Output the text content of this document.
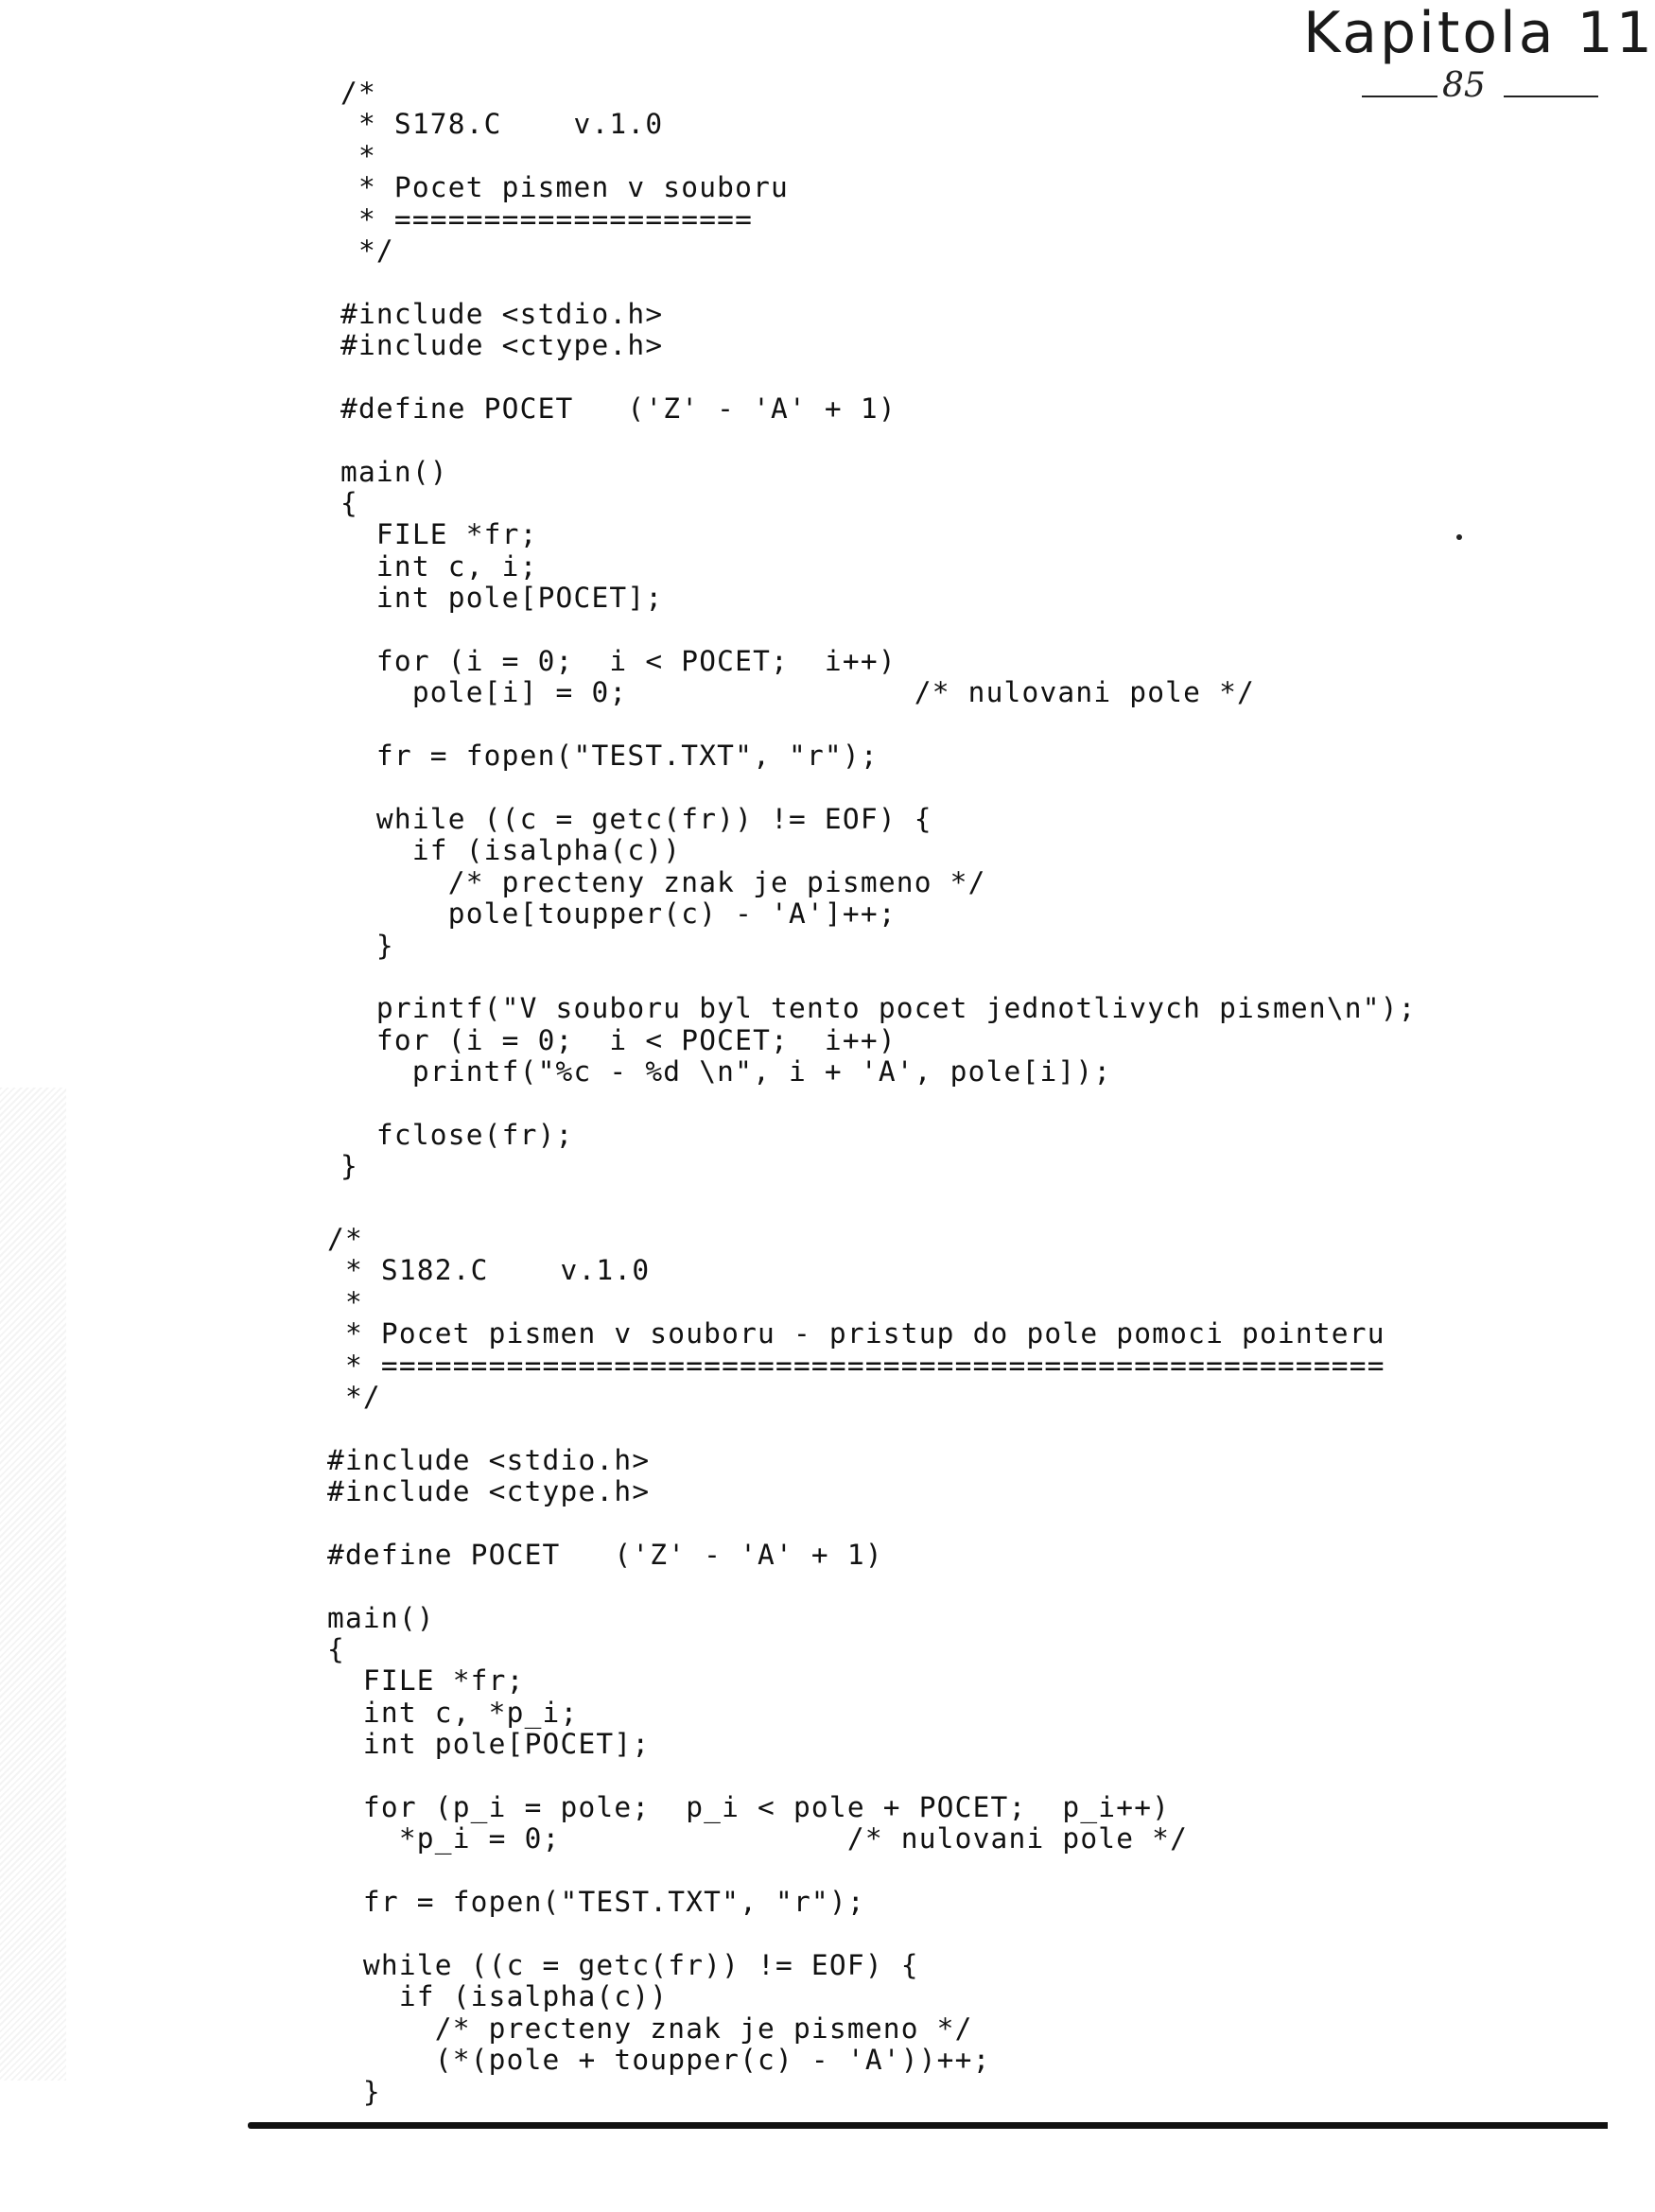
Kapitola 11
85
/*
* S178.C    v.1.0
*
* Pocet pismen v souboru
* ====================
*/
#include <stdio.h>
#include <ctype.h>
#define POCET   ('Z' - 'A' + 1)
main()
{
FILE *fr;
int c, i;
int pole[POCET];
for (i = 0;  i < POCET;  i++)
pole[i] = 0;                /* nulovani pole */
fr = fopen("TEST.TXT", "r");
while ((c = getc(fr)) != EOF) {
if (isalpha(c))
/* precteny znak je pismeno */
pole[toupper(c) - 'A']++;
}
printf("V souboru byl tento pocet jednotlivych pismen\n");
for (i = 0;  i < POCET;  i++)
printf("%c - %d \n", i + 'A', pole[i]);
fclose(fr);
}
/*
* S182.C    v.1.0
*
* Pocet pismen v souboru - pristup do pole pomoci pointeru
* ========================================================
*/
#include <stdio.h>
#include <ctype.h>
#define POCET   ('Z' - 'A' + 1)
main()
{
FILE *fr;
int c, *p_i;
int pole[POCET];
for (p_i = pole;  p_i < pole + POCET;  p_i++)
*p_i = 0;                /* nulovani pole */
fr = fopen("TEST.TXT", "r");
while ((c = getc(fr)) != EOF) {
if (isalpha(c))
/* precteny znak je pismeno */
(*(pole + toupper(c) - 'A'))++;
}
